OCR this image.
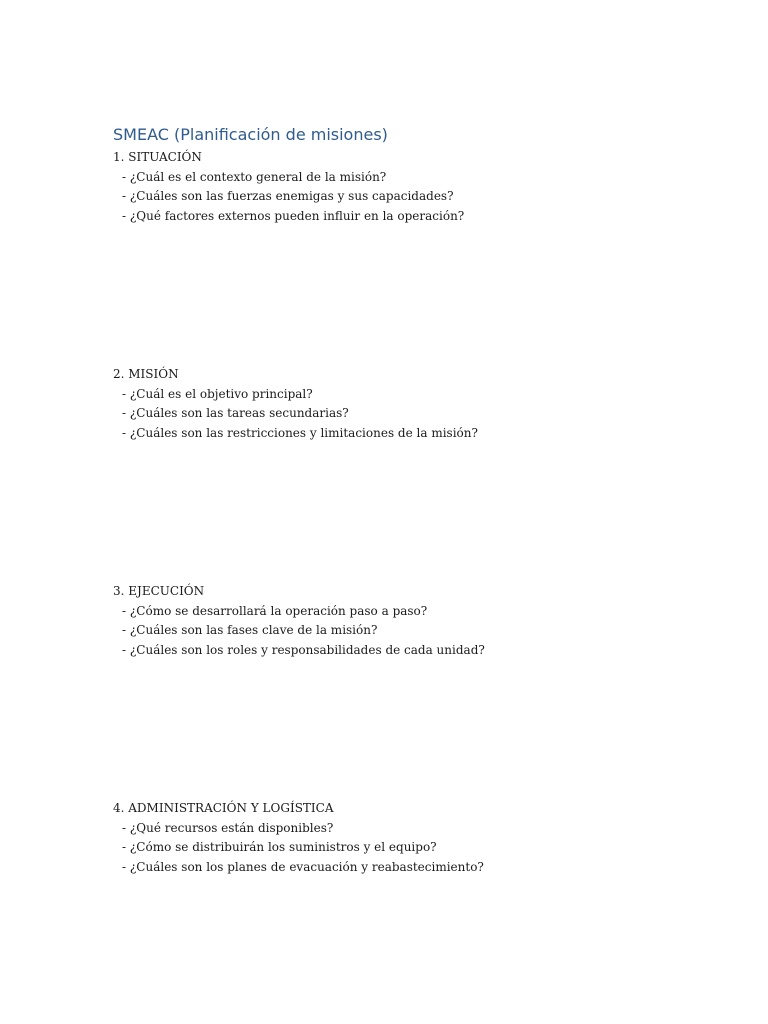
SMEAC (Planificación de misiones)

1. SITUACIÓN

- ¿Cuál es el contexto general de la misión?

- ¿Cuáles son las fuerzas enemigas y sus capacidades?

- ¿Qué factores externos pueden influir en la operación?

2. MISIÓN

- ¿Cuál es el objetivo principal?

- ¿Cuáles son las tareas secundarias?

- ¿Cuáles son las restricciones y limitaciones de la misión?

3. EJECUCIÓN

- ¿Cómo se desarrollará la operación paso a paso?

- ¿Cuáles son las fases clave de la misión?

- ¿Cuáles son los roles y responsabilidades de cada unidad?

4. ADMINISTRACIÓN Y LOGÍSTICA

- ¿Qué recursos están disponibles?

- ¿Cómo se distribuirán los suministros y el equipo?

- ¿Cuáles son los planes de evacuación y reabastecimiento?
